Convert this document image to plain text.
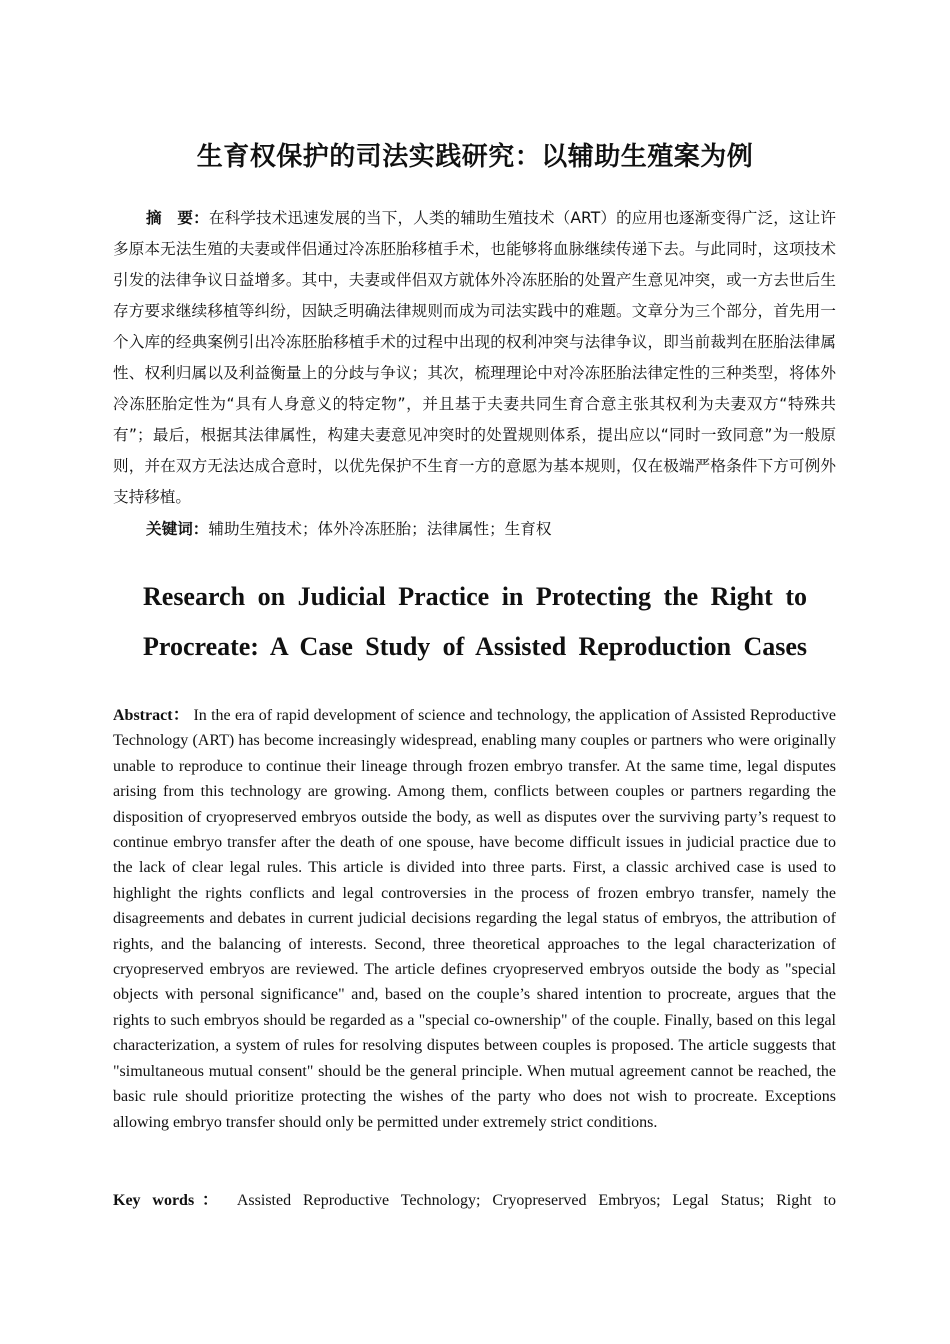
生育权保护的司法实践研究：以辅助生殖案为例

摘　要：在科学技术迅速发展的当下，人类的辅助生殖技术（ART）的应用也逐渐变得广泛，这让许多原本无法生殖的夫妻或伴侣通过冷冻胚胎移植手术，也能够将血脉继续传递下去。与此同时，这项技术引发的法律争议日益增多。其中，夫妻或伴侣双方就体外冷冻胚胎的处置产生意见冲突，或一方去世后生存方要求继续移植等纠纷，因缺乏明确法律规则而成为司法实践中的难题。文章分为三个部分，首先用一个入库的经典案例引出冷冻胚胎移植手术的过程中出现的权利冲突与法律争议，即当前裁判在胚胎法律属性、权利归属以及利益衡量上的分歧与争议；其次，梳理理论中对冷冻胚胎法律定性的三种类型，将体外冷冻胚胎定性为“具有人身意义的特定物”，并且基于夫妻共同生育合意主张其权利为夫妻双方“特殊共有”；最后，根据其法律属性，构建夫妻意见冲突时的处置规则体系，提出应以“同时一致同意”为一般原则，并在双方无法达成合意时，以优先保护不生育一方的意愿为基本规则，仅在极端严格条件下方可例外支持移植。

关键词：辅助生殖技术；体外冷冻胚胎；法律属性；生育权

Research on Judicial Practice in Protecting the Right to
Procreate: A Case Study of Assisted Reproduction Cases

Abstract： In the era of rapid development of science and technology, the application of Assisted Reproductive Technology (ART) has become increasingly widespread, enabling many couples or partners who were originally unable to reproduce to continue their lineage through frozen embryo transfer. At the same time, legal disputes arising from this technology are growing. Among them, conflicts between couples or partners regarding the disposition of cryopreserved embryos outside the body, as well as disputes over the surviving party’s request to continue embryo transfer after the death of one spouse, have become difficult issues in judicial practice due to the lack of clear legal rules. This article is divided into three parts. First, a classic archived case is used to highlight the rights conflicts and legal controversies in the process of frozen embryo transfer, namely the disagreements and debates in current judicial decisions regarding the legal status of embryos, the attribution of rights, and the balancing of interests. Second, three theoretical approaches to the legal characterization of cryopreserved embryos are reviewed. The article defines cryopreserved embryos outside the body as "special objects with personal significance" and, based on the couple’s shared intention to procreate, argues that the rights to such embryos should be regarded as a "special co-ownership" of the couple. Finally, based on this legal characterization, a system of rules for resolving disputes between couples is proposed. The article suggests that "simultaneous mutual consent" should be the general principle. When mutual agreement cannot be reached, the basic rule should prioritize protecting the wishes of the party who does not wish to procreate. Exceptions allowing embryo transfer should only be permitted under extremely strict conditions.

Key words： Assisted Reproductive Technology; Cryopreserved Embryos; Legal Status; Right to
